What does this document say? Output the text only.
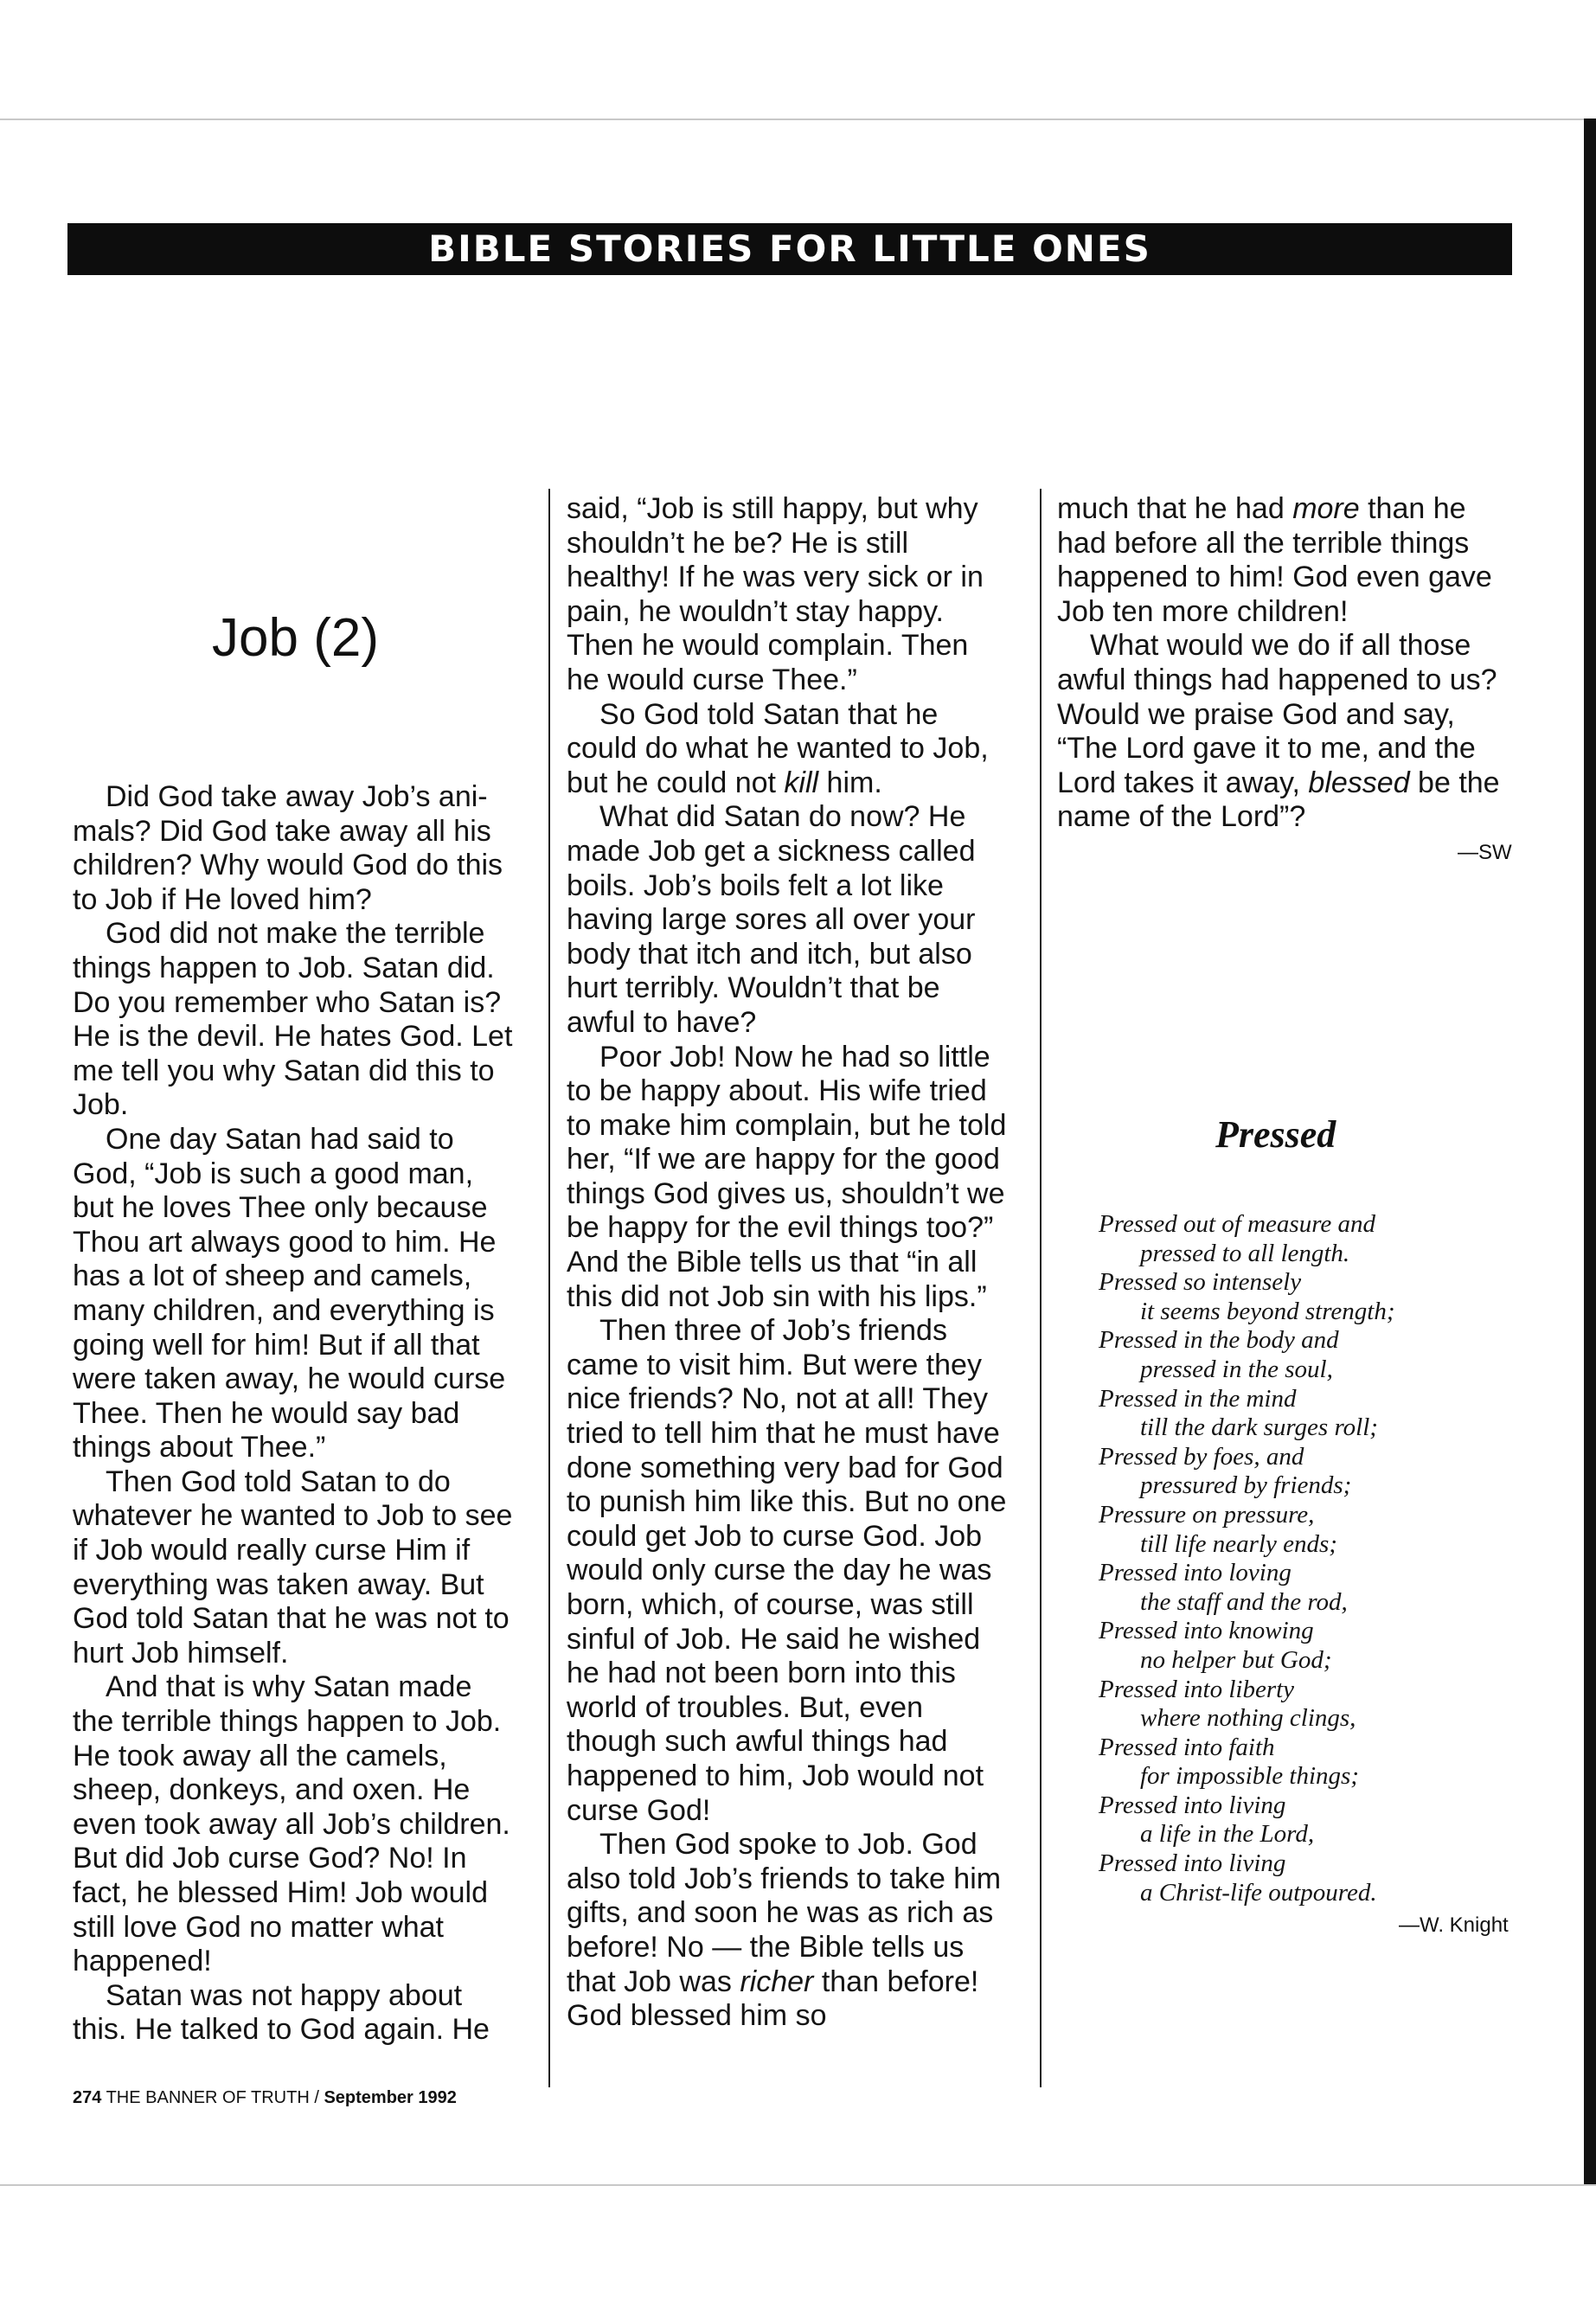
BIBLE STORIES FOR LITTLE ONES
Job (2)

Did God take away Job’s animals? Did God take away all his children? Why would God do this to Job if He loved him?

God did not make the terrible things happen to Job. Satan did. Do you remember who Satan is? He is the devil. He hates God. Let me tell you why Satan did this to Job.

One day Satan had said to God, “Job is such a good man, but he loves Thee only because Thou art always good to him. He has a lot of sheep and camels, many children, and everything is going well for him! But if all that were taken away, he would curse Thee. Then he would say bad things about Thee.”

Then God told Satan to do whatever he wanted to Job to see if Job would really curse Him if everything was taken away. But God told Satan that he was not to hurt Job himself.

And that is why Satan made the terrible things happen to Job. He took away all the camels, sheep, donkeys, and oxen. He even took away all Job’s children. But did Job curse God? No! In fact, he blessed Him! Job would still love God no matter what happened!

Satan was not happy about this. He talked to God again. He

said, “Job is still happy, but why shouldn’t he be? He is still healthy! If he was very sick or in pain, he wouldn’t stay happy. Then he would complain. Then he would curse Thee.”

So God told Satan that he could do what he wanted to Job, but he could not kill him.

What did Satan do now? He made Job get a sickness called boils. Job’s boils felt a lot like having large sores all over your body that itch and itch, but also hurt terribly. Wouldn’t that be awful to have?

Poor Job! Now he had so little to be happy about. His wife tried to make him complain, but he told her, “If we are happy for the good things God gives us, shouldn’t we be happy for the evil things too?” And the Bible tells us that “in all this did not Job sin with his lips.”

Then three of Job’s friends came to visit him. But were they nice friends? No, not at all! They tried to tell him that he must have done something very bad for God to punish him like this. But no one could get Job to curse God. Job would only curse the day he was born, which, of course, was still sinful of Job. He said he wished he had not been born into this world of troubles. But, even though such awful things had happened to him, Job would not curse God!

Then God spoke to Job. God also told Job’s friends to take him gifts, and soon he was as rich as before! No — the Bible tells us that Job was richer than before! God blessed him so

much that he had more than he had before all the terrible things happened to him! God even gave Job ten more children!

What would we do if all those awful things had happened to us? Would we praise God and say, “The Lord gave it to me, and the Lord takes it away, blessed be the name of the Lord”?

—SW
Pressed
Pressed out of measure and
pressed to all length.
Pressed so intensely
it seems beyond strength;
Pressed in the body and
pressed in the soul,
Pressed in the mind
till the dark surges roll;
Pressed by foes, and
pressured by friends;
Pressure on pressure,
till life nearly ends;
Pressed into loving
the staff and the rod,
Pressed into knowing
no helper but God;
Pressed into liberty
where nothing clings,
Pressed into faith
for impossible things;
Pressed into living
a life in the Lord,
Pressed into living
a Christ-life outpoured.
—W. Knight
274 THE BANNER OF TRUTH / September 1992
